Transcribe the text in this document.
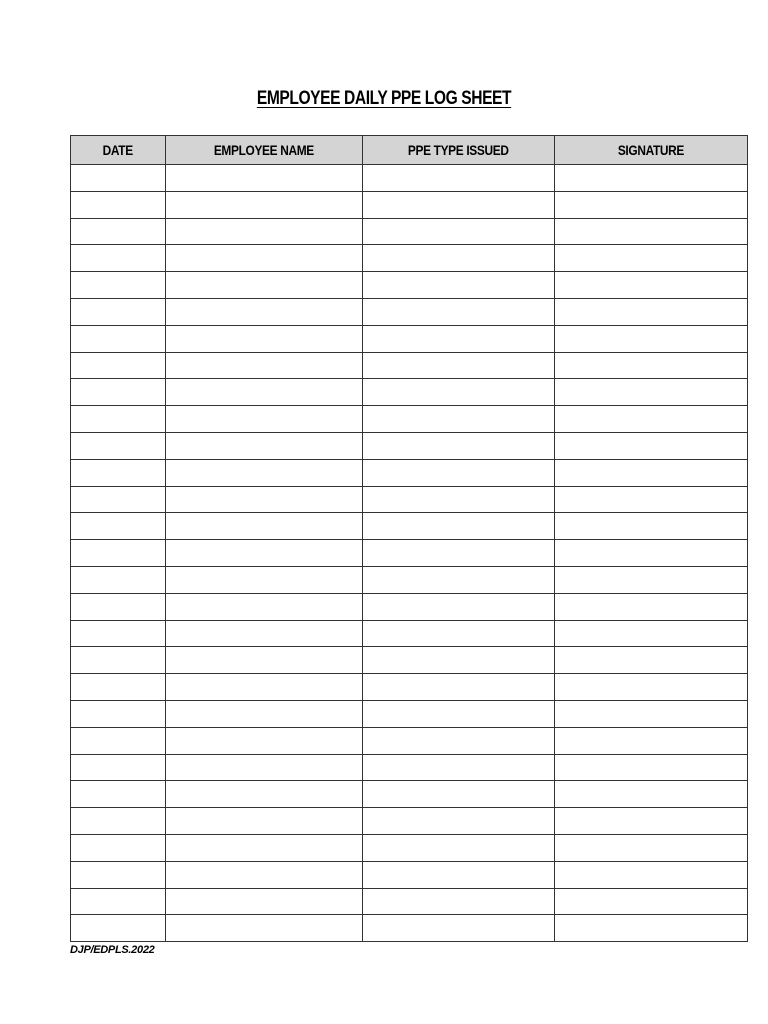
EMPLOYEE DAILY PPE LOG SHEET
DATE	EMPLOYEE NAME	PPE TYPE ISSUED	SIGNATURE

DJP/EDPLS.2022
